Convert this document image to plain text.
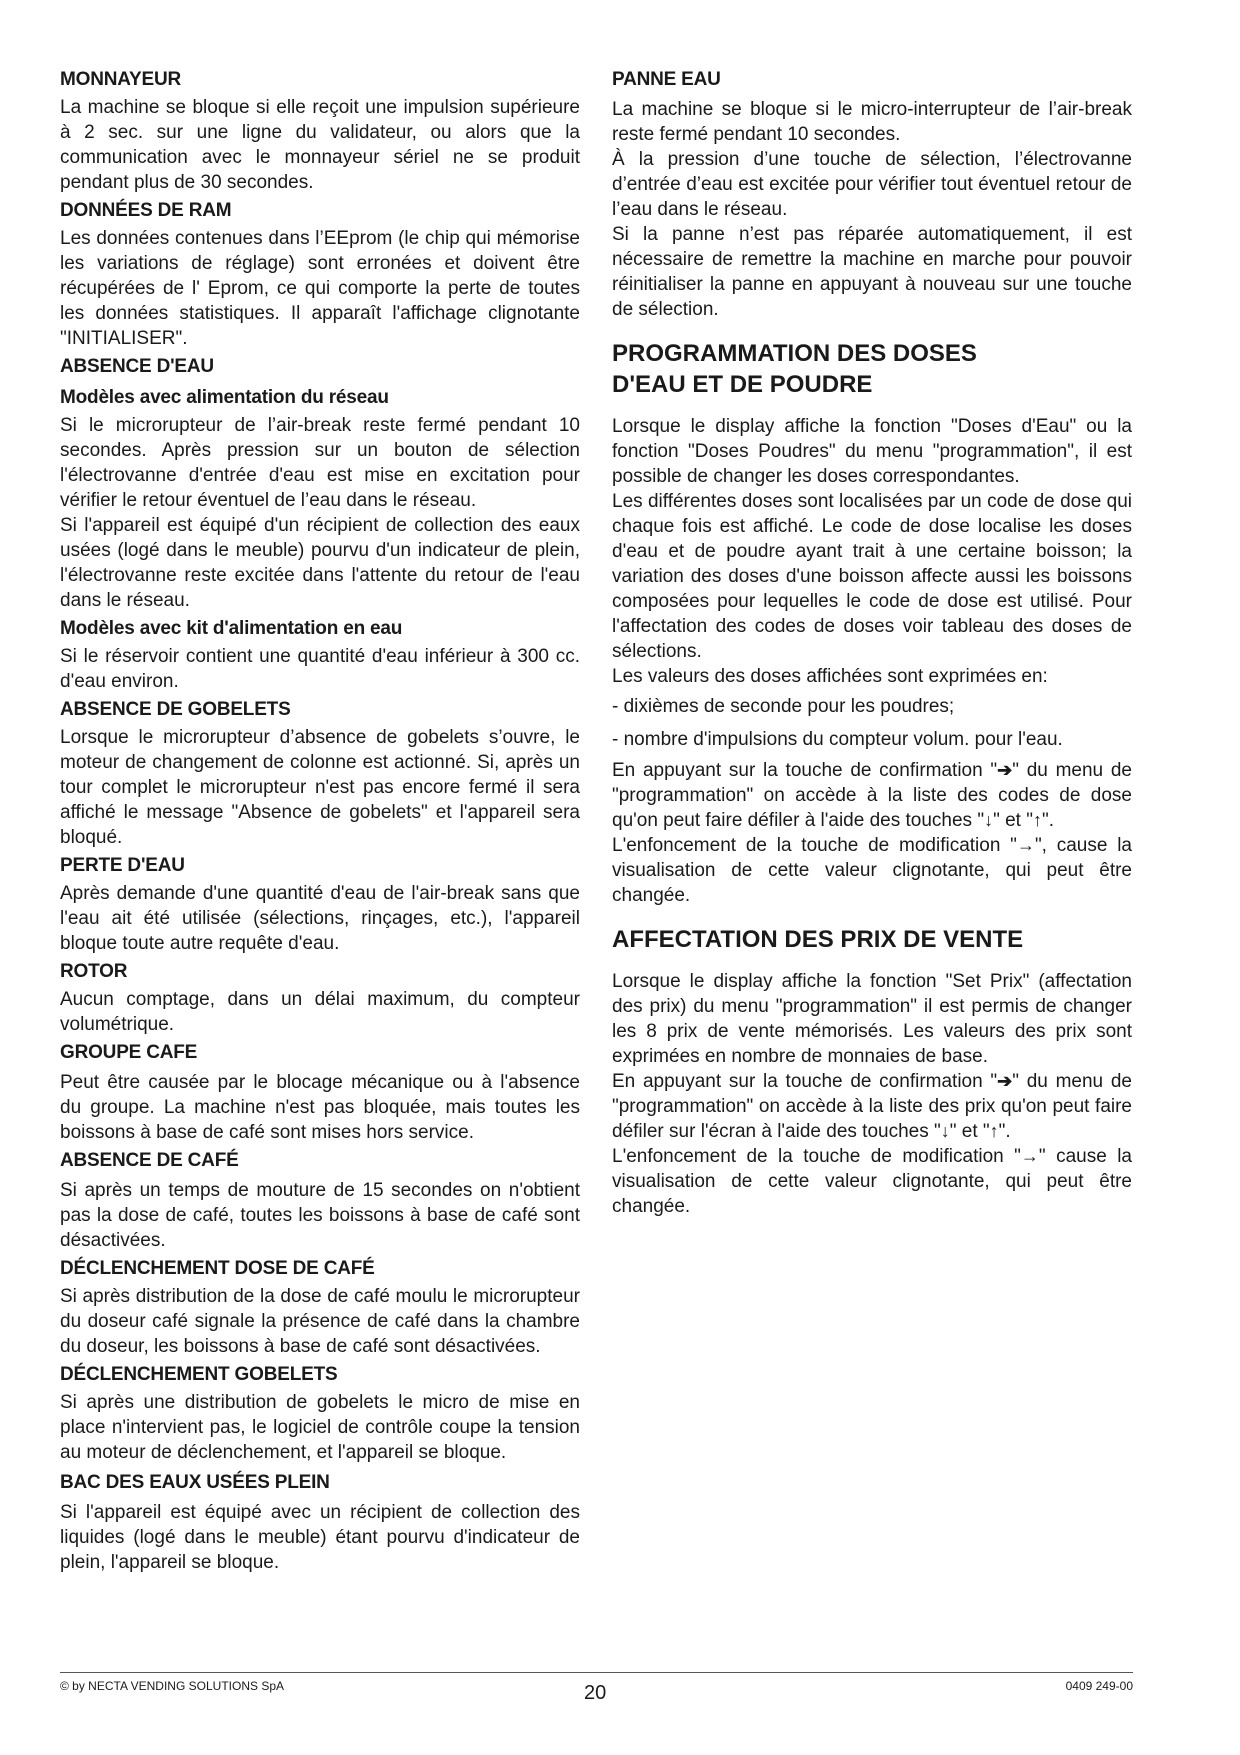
MONNAYEUR

La machine se bloque si elle reçoit une impulsion supérieure à 2 sec. sur une ligne du validateur, ou alors que la communication avec le monnayeur sériel ne se produit pendant plus de 30 secondes.

DONNÉES DE RAM

Les données contenues dans l’EEprom (le chip qui mémorise les variations de réglage) sont erronées et doivent être récupérées de l' Eprom, ce qui comporte la perte de toutes les données statistiques. Il apparaît l'affichage clignotante "INITIALISER".

ABSENCE D'EAU

Modèles avec alimentation du réseau

Si le microrupteur de l’air-break reste fermé pendant 10 secondes. Après pression sur un bouton de sélection l'électrovanne d'entrée d'eau est mise en excitation pour vérifier le retour éventuel de l’eau dans le réseau.

Si l'appareil est équipé d'un récipient de collection des eaux usées (logé dans le meuble) pourvu d'un indicateur de plein, l'électrovanne reste excitée dans l'attente du retour de l'eau dans le réseau.

Modèles avec kit d'alimentation en eau

Si le réservoir contient une quantité d'eau inférieur à 300 cc. d'eau environ.

ABSENCE DE GOBELETS

Lorsque le microrupteur d’absence de gobelets s’ouvre, le moteur de changement de colonne est actionné. Si, après un tour complet le microrupteur n'est pas encore fermé il sera affiché le message "Absence de gobelets" et l'appareil sera bloqué.

PERTE D'EAU

Après demande d'une quantité d'eau de l'air-break sans que l'eau ait été utilisée (sélections, rinçages, etc.), l'appareil bloque toute autre requête d'eau.

ROTOR

Aucun comptage, dans un délai maximum, du compteur volumétrique.

GROUPE CAFE

Peut être causée par le blocage mécanique ou à l'absence du groupe. La machine n'est pas bloquée, mais toutes les boissons à base de café sont mises hors service.

ABSENCE DE CAFÉ

Si après un temps de mouture de 15 secondes on n'obtient pas la dose de café, toutes les boissons à base de café sont désactivées.

DÉCLENCHEMENT DOSE DE CAFÉ

Si après distribution de la dose de café moulu le microrupteur du doseur café signale la présence de café dans la chambre du doseur, les boissons à base de café sont désactivées.

DÉCLENCHEMENT GOBELETS

Si après une distribution de gobelets le micro de mise en place n'intervient pas, le logiciel de contrôle coupe la tension au moteur de déclenchement, et l'appareil se bloque.

BAC DES EAUX USÉES PLEIN

Si l'appareil est équipé avec un récipient de collection des liquides (logé dans le meuble) étant pourvu d'indicateur de plein, l'appareil se bloque.

PANNE EAU

La machine se bloque si le micro-interrupteur de l’air-break reste fermé pendant 10 secondes.

À la pression d’une touche de sélection, l’électrovanne d’entrée d’eau est excitée pour vérifier tout éventuel retour de l’eau dans le réseau.

Si la panne n’est pas réparée automatiquement, il est nécessaire de remettre la machine en marche pour pouvoir réinitialiser la panne en appuyant à nouveau sur une touche de sélection.

PROGRAMMATION DES DOSES

D'EAU ET DE POUDRE

Lorsque le display affiche la fonction "Doses d'Eau" ou la fonction "Doses Poudres" du menu "programmation", il est possible de changer les doses correspondantes.

Les différentes doses sont localisées par un code de dose qui chaque fois est affiché. Le code de dose localise les doses d'eau et de poudre ayant trait à une certaine boisson; la variation des doses d'une boisson affecte aussi les boissons composées pour lequelles le code de dose est utilisé. Pour l'affectation des codes de doses voir tableau des doses de sélections.

Les valeurs des doses affichées sont exprimées en:

- dixièmes de seconde pour les poudres;

- nombre d'impulsions du compteur volum. pour l'eau.

En appuyant sur la touche de confirmation "➔" du menu de "programmation" on accède à la liste des codes de dose qu'on peut faire défiler à l'aide des touches "↓" et "↑".

L'enfoncement de la touche de modification "→", cause la visualisation de cette valeur clignotante, qui peut être changée.

AFFECTATION DES PRIX DE VENTE

Lorsque le display affiche la fonction "Set Prix" (affectation des prix) du menu "programmation" il est permis de changer les 8 prix de vente mémorisés. Les valeurs des prix sont exprimées en nombre de monnaies de base.

En appuyant sur la touche de confirmation "➔" du menu de "programmation" on accède à la liste des prix qu'on peut faire défiler sur l'écran à l'aide des touches "↓" et "↑".

L'enfoncement de la touche de modification "→" cause la visualisation de cette valeur clignotante, qui peut être changée.

© by NECTA VENDING SOLUTIONS SpA	20	0409 249-00
